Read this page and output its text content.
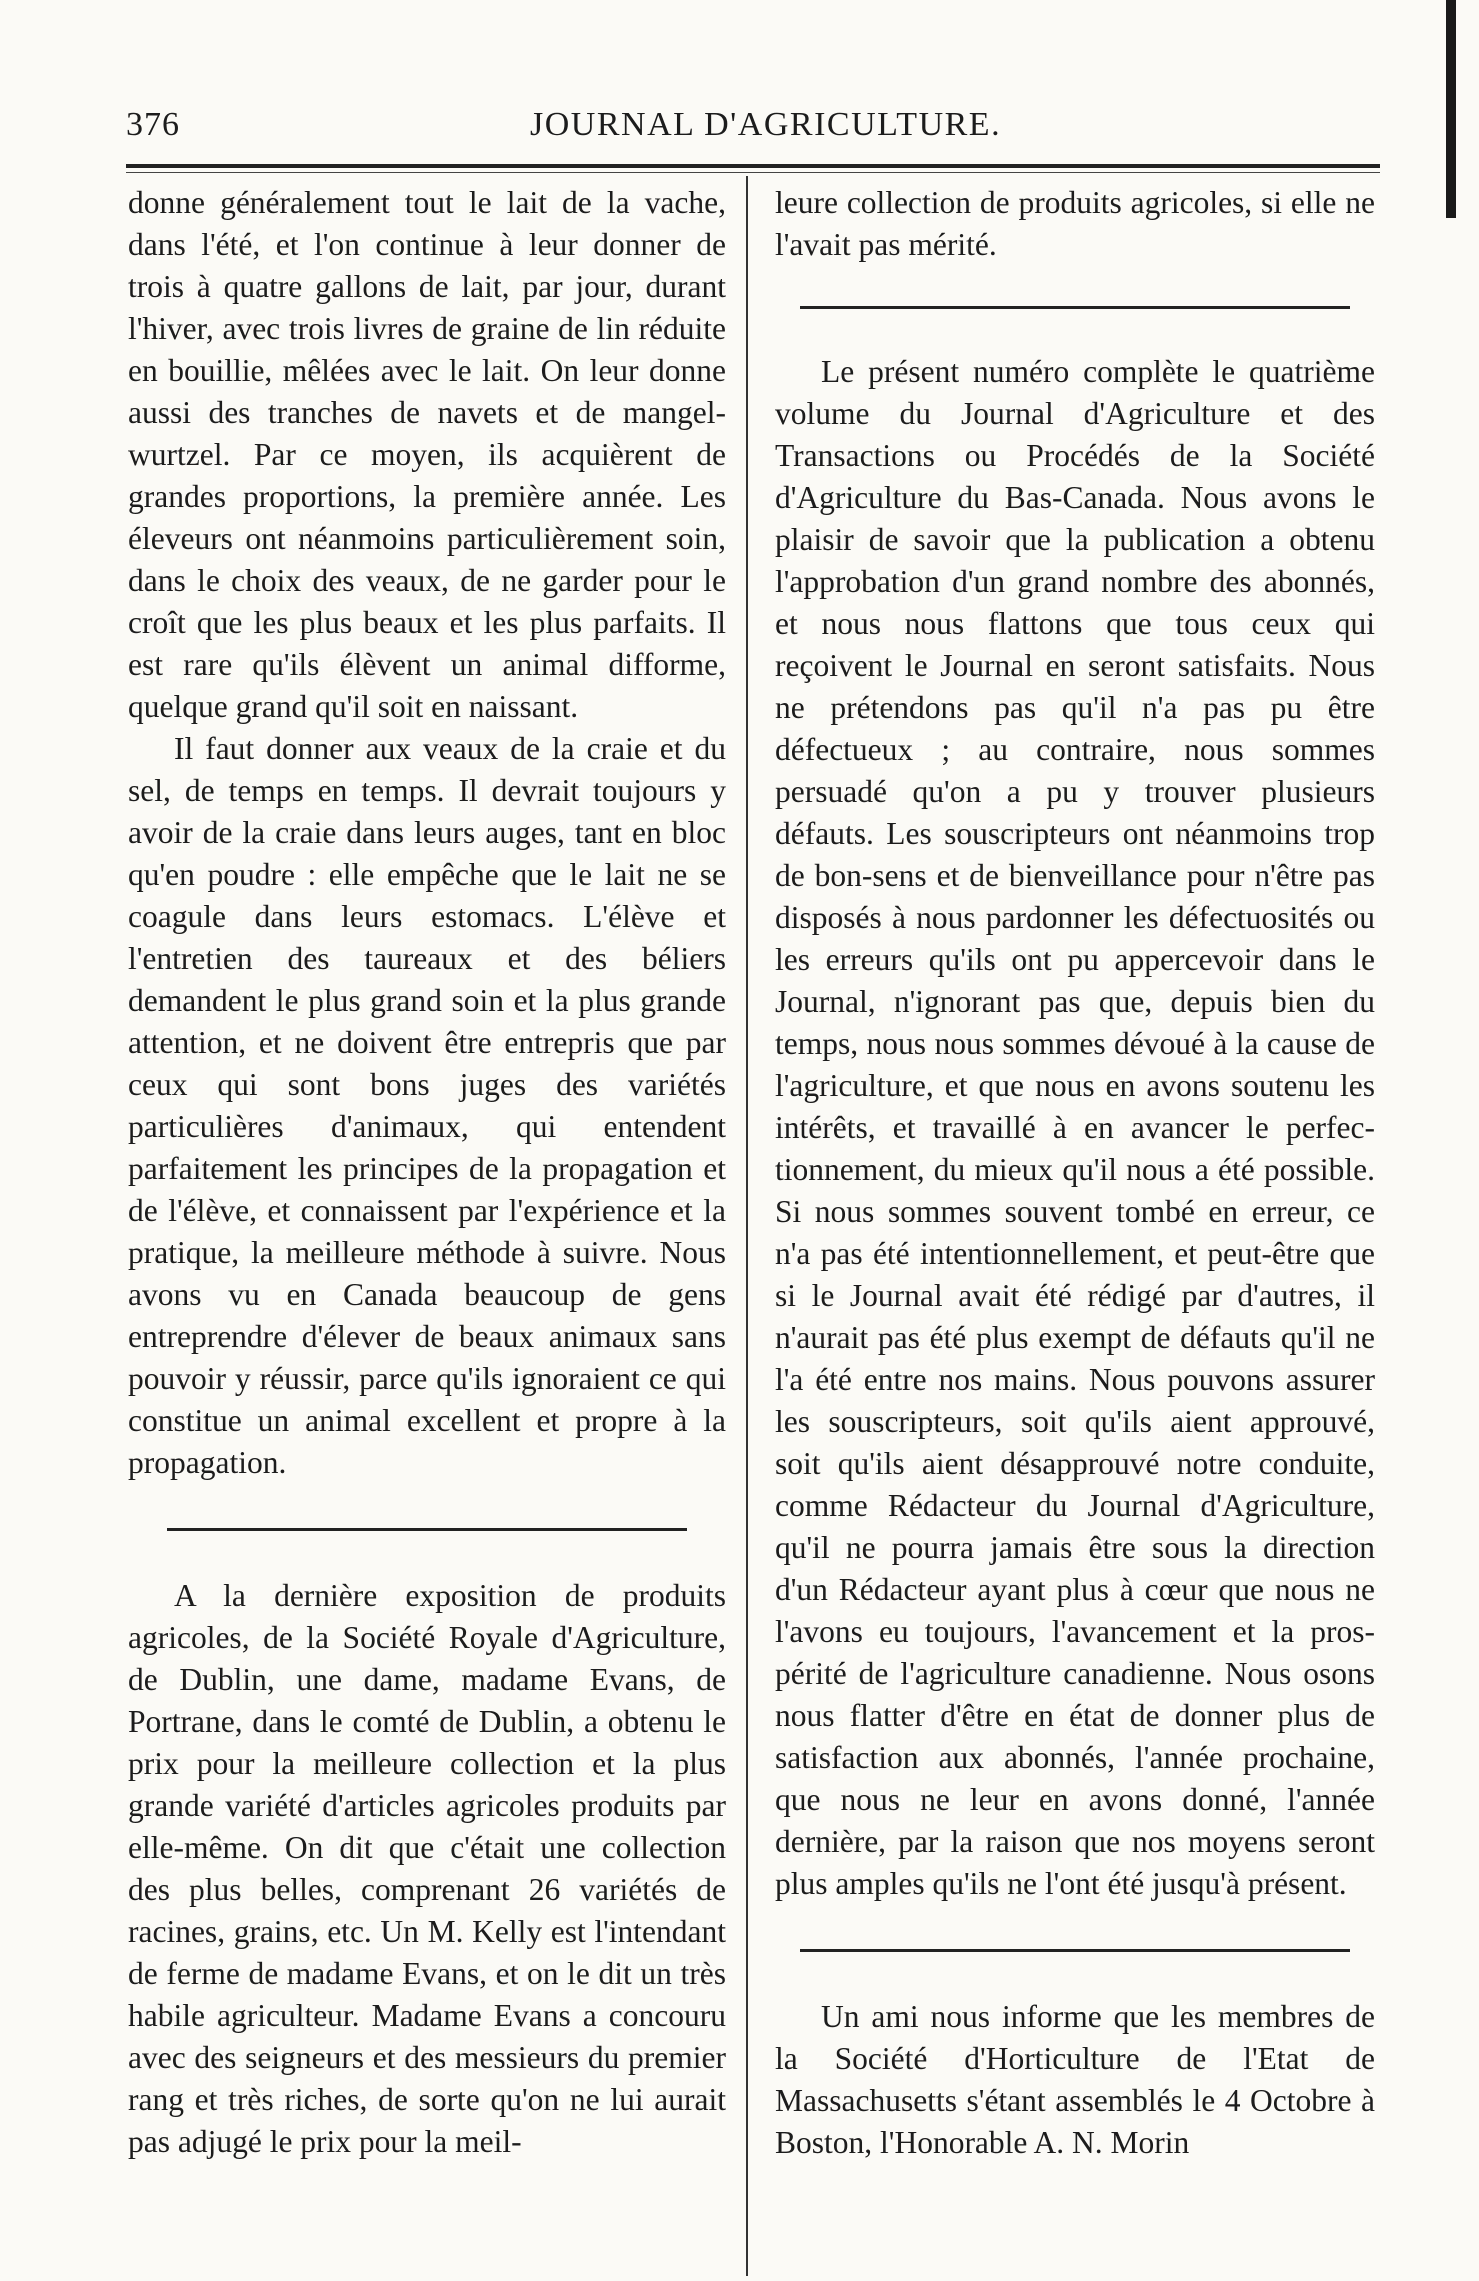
376	JOURNAL D'AGRICULTURE.

donne généralement tout le lait de la vache, dans l'été, et l'on continue à leur donner de trois à quatre gallons de lait, par jour, durant l'hiver, avec trois livres de graine de lin réduite en bouillie, mêlées avec le lait. On leur donne aussi des tranches de navets et de mangel-wurtzel. Par ce moyen, ils acquièrent de grandes proportions, la première année. Les éleveurs ont néanmoins particulièrement soin, dans le choix des veaux, de ne garder pour le croît que les plus beaux et les plus parfaits. Il est rare qu'ils élèvent un animal difforme, quelque grand qu'il soit en naissant.

Il faut donner aux veaux de la craie et du sel, de temps en temps. Il devrait toujours y avoir de la craie dans leurs auges, tant en bloc qu'en poudre : elle empêche que le lait ne se coagule dans leurs estomacs. L'élève et l'entretien des taureaux et des béliers demandent le plus grand soin et la plus grande attention, et ne doivent être entrepris que par ceux qui sont bons juges des variétés particulières d'animaux, qui entendent parfaitement les principes de la propagation et de l'élève, et connaissent par l'expérience et la pratique, la meilleure méthode à suivre. Nous avons vu en Canada beaucoup de gens entreprendre d'élever de beaux animaux sans pouvoir y réussir, parce qu'ils ignoraient ce qui constitue un animal excellent et propre à la propagation.

A la dernière exposition de produits agricoles, de la Société Royale d'Agriculture, de Dublin, une dame, madame Evans, de Portrane, dans le comté de Dublin, a obtenu le prix pour la meilleure collection et la plus grande variété d'articles agricoles produits par elle-même. On dit que c'était une collection des plus belles, comprenant 26 variétés de racines, grains, etc. Un M. Kelly est l'intendant de ferme de madame Evans, et on le dit un très habile agriculteur. Madame Evans a concouru avec des seigneurs et des messieurs du premier rang et très riches, de sorte qu'on ne lui aurait pas adjugé le prix pour la meil-

leure collection de produits agricoles, si elle ne l'avait pas mérité.

Le présent numéro complète le quatrième volume du Journal d'Agriculture et des Transactions ou Procédés de la Société d'Agriculture du Bas-Canada. Nous avons le plaisir de savoir que la publication a obtenu l'approbation d'un grand nombre des abonnés, et nous nous flattons que tous ceux qui reçoivent le Journal en seront satisfaits. Nous ne prétendons pas qu'il n'a pas pu être défectueux ; au contraire, nous sommes persuadé qu'on a pu y trouver plusieurs défauts. Les souscripteurs ont néanmoins trop de bon-sens et de bienveillance pour n'être pas disposés à nous pardonner les défectuosités ou les erreurs qu'ils ont pu appercevoir dans le Journal, n'ignorant pas que, depuis bien du temps, nous nous sommes dévoué à la cause de l'agriculture, et que nous en avons soutenu les intérêts, et travaillé à en avancer le perfectionnement, du mieux qu'il nous a été possible. Si nous sommes souvent tombé en erreur, ce n'a pas été intentionnellement, et peut-être que si le Journal avait été rédigé par d'autres, il n'aurait pas été plus exempt de défauts qu'il ne l'a été entre nos mains. Nous pouvons assurer les souscripteurs, soit qu'ils aient approuvé, soit qu'ils aient désapprouvé notre conduite, comme Rédacteur du Journal d'Agriculture, qu'il ne pourra jamais être sous la direction d'un Rédacteur ayant plus à cœur que nous ne l'avons eu toujours, l'avancement et la prospérité de l'agriculture canadienne. Nous osons nous flatter d'être en état de donner plus de satisfaction aux abonnés, l'année prochaine, que nous ne leur en avons donné, l'année dernière, par la raison que nos moyens seront plus amples qu'ils ne l'ont été jusqu'à présent.

Un ami nous informe que les membres de la Société d'Horticulture de l'Etat de Massachusetts s'étant assemblés le 4 Octobre à Boston, l'Honorable A. N. Morin
